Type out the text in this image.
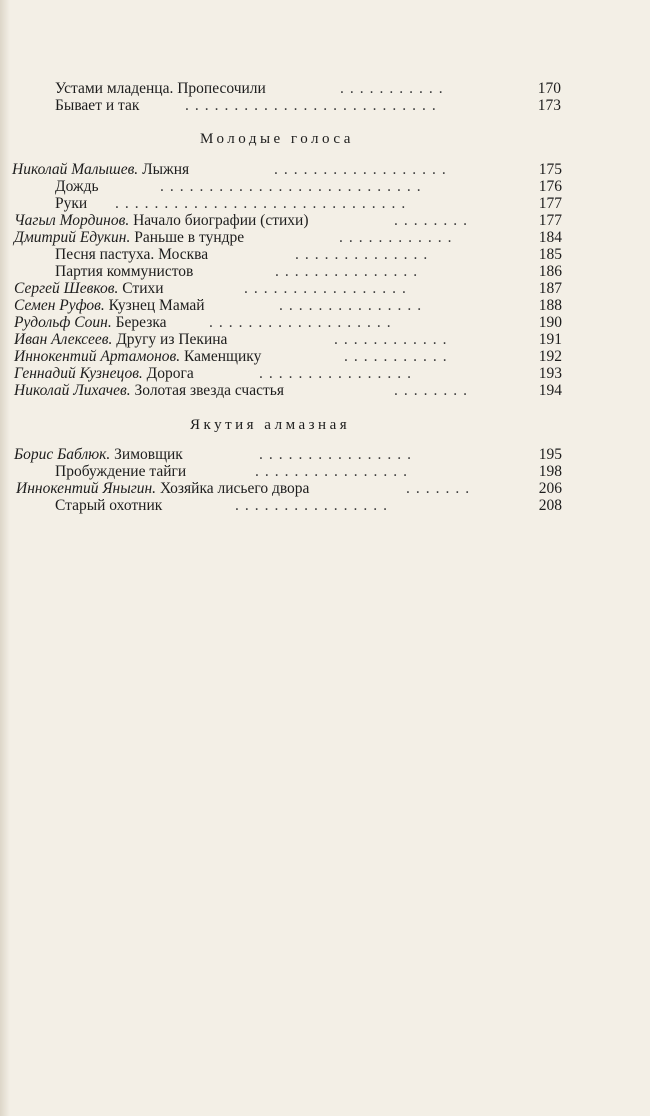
Устами младенца. Пропесочили	...........	170
Бывает и так	..........................	173
Молодые голоса
Николай Малышев. Лыжня	..................	175
Дождь	...........................	176
Руки ..............................	177
Чагыл Мординов. Начало биографии (стихи)	........	177
Дмитрий Едукин. Раньше в тундре	............	184
Песня пастуха. Москва	..............	185
Партия коммунистов	...............	186
Сергей Шевков. Стихи	.................	187
Семен Руфов. Кузнец Мамай	...............	188
Рудольф Соин. Березка	...................	190
Иван Алексеев. Другу из Пекина	............	191
Иннокентий Артамонов. Каменщику	...........	192
Геннадий Кузнецов. Дорога	................	193
Николай Лихачев. Золотая звезда счастья	........	194
Якутия алмазная
Борис Баблюк. Зимовщик	................	195
Пробуждение тайги	................	198
Иннокентий Яныгин. Хозяйка лисьего двора	.......	206
Старый охотник	................	208
